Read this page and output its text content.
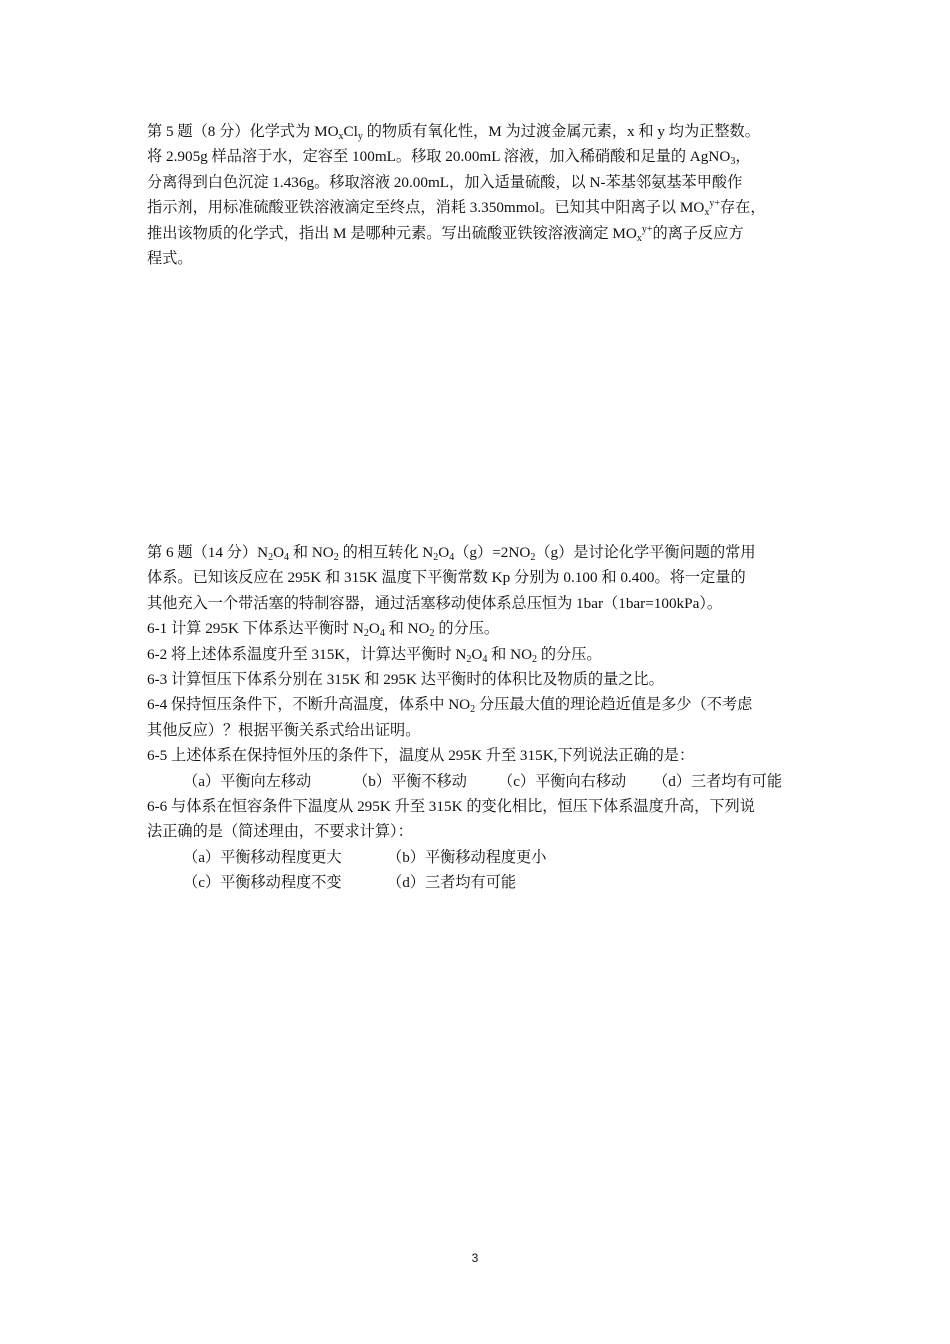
第 5 题（8 分）化学式为 $MO_xCl_y$ 的物质有氧化性，M 为过渡金属元素，x 和 y 均为正整数。
将 2.905g 样品溶于水，定容至 100mL。移取 20.00mL 溶液，加入稀硝酸和足量的 AgNO$_3$，
分离得到白色沉淀 1.436g。移取溶液 20.00mL，加入适量硫酸，以 N-苯基邻氨基苯甲酸作
指示剂，用标准硫酸亚铁溶液滴定至终点，消耗 3.350mmol。已知其中阳离子以 $MO_x^{y+}$存在，
推出该物质的化学式，指出 M 是哪种元素。写出硫酸亚铁铵溶液滴定 $MO_x^{y+}$的离子反应方
程式。
第 6 题（14 分）$N_2O_4$ 和 $NO_2$ 的相互转化 $N_2O_4(g)=2NO_2(g)$是讨论化学平衡问题的常用
体系。已知该反应在 295K 和 315K 温度下平衡常数 Kp 分别为 0.100 和 0.400。将一定量的
其他充入一个带活塞的特制容器，通过活塞移动使体系总压恒为 1bar（1bar=100kPa）。
6-1 计算 295K 下体系达平衡时 $N_2O_4$ 和 $NO_2$ 的分压。
6-2 将上述体系温度升至 315K，计算达平衡时 $N_2O_4$ 和 $NO_2$ 的分压。
6-3 计算恒压下体系分别在 315K 和 295K 达平衡时的体积比及物质的量之比。
6-4 保持恒压条件下，不断升高温度，体系中 $NO_2$ 分压最大值的理论趋近值是多少（不考虑
其他反应）？根据平衡关系式给出证明。
6-5 上述体系在保持恒外压的条件下，温度从 295K 升至 315K,下列说法正确的是：
（a）平衡向左移动	（b）平衡不移动 （c）平衡向右移动 （d）三者均有可能
6-6 与体系在恒容条件下温度从 295K 升至 315K 的变化相比，恒压下体系温度升高，下列说
法正确的是（简述理由，不要求计算）：
（a）平衡移动程度更大	（b）平衡移动程度更小
（c）平衡移动程度不变	（d）三者均有可能
3
